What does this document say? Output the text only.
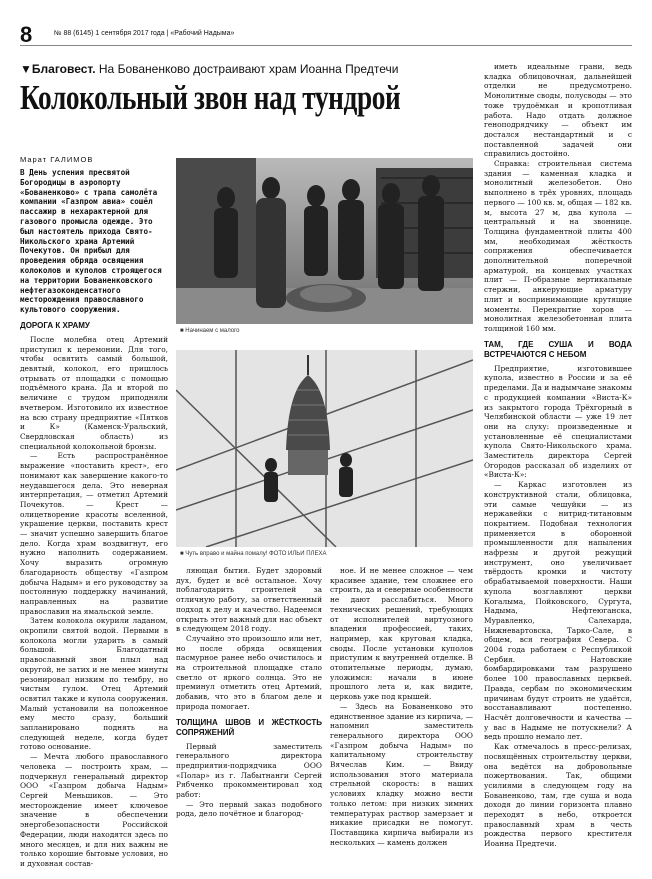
8	№ 88 (6145) 1 сентября 2017 года | «Рабочий Надыма»
▼Благовест. На Бованенково достраивают храм Иоанна Предтечи
Колокольный звон над тундрой
Марат ГАЛИМОВ
В День успения пресвятой Богородицы в аэропорту «Бованенково» с трапа самолёта компании «Газпром авиа» сошёл пассажир в нехарактерной для газового промысла одежде. Это был настоятель прихода Свято-Никольского храма Артемий Почекутов. Он прибыл для проведения обряда освящения колоколов и куполов строящегося на территории Бованенковского нефтегазоконденсатного месторождения православного культового сооружения.
ДОРОГА К ХРАМУ

После молебна отец Артемий приступил к церемонии. Для того, чтобы освятить самый большой, девятый, колокол, его пришлось отрывать от площадки с помощью подъёмного крана. Да и второй по величине с трудом приподняли вчетвером. Изготовило их известное на всю страну предприятие «Пятков и К» (Каменск-Уральский, Свердловская область) из специальной колокольной бронзы.

— Есть распространённое выражение «поставить крест», его понимают как завершение какого-то неудавшегося дела. Это неверная интерпретация, — отметил Артемий Почекутов. — Крест — олицетворение красоты вселенной, украшение церкви, поставить крест — значит успешно завершить благое дело. Когда храм воздвигнут, его нужно наполнить содержанием. Хочу выразить огромную благодарность обществу «Газпром добыча Надым» и его руководству за постоянную поддержку начинаний, направленных на развитие православия на ямальской земле.

Затем колокола окурили ладаном, окропили святой водой. Первыми в колокола могли ударить в самый большой. Благодатный православный звон плыл над округой, не затих и не менее минуты резонировал низким по тембру, но чистым гулом. Отец Артемий освятил также и купола сооружения. Малый установили на положенное ему место сразу, больший запланировано поднять на следующей неделе, когда будет готово основание.

— Мечта любого православного человека — построить храм, — подчеркнул генеральный директор ООО «Газпром добыча Надым» Сергей Меньшиков. — Это месторождение имеет ключевое значение в обеспечении энергобезопасности Российской Федерации, люди находятся здесь по много месяцев, и для них важны не только хорошие бытовые условия, но и духовная состав-

■ Начинаем с малого
■ Чуть вправо и майна помалу! ФОТО ИЛЬИ ПЛЕХА

ляющая бытия. Будет здоровый дух, будет и всё остальное. Хочу поблагодарить строителей за отличную работу, за ответственный подход к делу и качество. Надеемся открыть этот важный для нас объект в следующем 2018 году.

Случайно это произошло или нет, но после обряда освящения пасмурное ранее небо очистилось и на строительной площадке стало светло от яркого солнца. Это не преминул отметить отец Артемий, добавив, что это в благом деле и природа помогает.

ТОЛЩИНА ШВОВ И ЖЁСТКОСТЬ СОПРЯЖЕНИЙ

Первый заместитель генерального директора предприятия-подрядчика ООО «Полар» из г. Лабытнанги Сергей Рябченко прокомментировал ход работ:

— Это первый заказ подобного рода, дело почётное и благород-

ное. И не менее сложное — чем красивее здание, тем сложнее его строить, да и северные особенности не дают расслабиться. Много технических решений, требующих от исполнителей виртуозного владения профессией, таких, например, как круговая кладка, своды. После установки куполов приступим к внутренней отделке. В отопительные периоды, думаю, уложимся: начали в июне прошлого лета и, как видите, церковь уже под крышей.

— Здесь на Бованенково это единственное здание из кирпича, — напомнил заместитель генерального директора ООО «Газпром добыча Надым» по капитальному строительству Вячеслав Ким. — Ввиду использования этого материала стрельной скорость: в наших условиях кладку можно вести только летом: при низких зимних температурах раствор замерзает и никакие присадки не помогут. Поставщика кирпича выбирали из нескольких — камень должен

иметь идеальные грани, ведь кладка облицовочная, дальнейшей отделки не предусмотрено. Монолитные своды, полусводы — это тоже трудоёмкая и кропотливая работа. Надо отдать должное геноподрядчику — объект им достался нестандартный и с поставленной задачей они справились достойно.

Справка: строительная система здания — каменная кладка и монолитный железобетон. Оно выполнено в трёх уровнях, площадь первого — 100 кв. м, общая — 182 кв. м, высота 27 м, два купола — центральный и на звоннице. Толщина фундаментной плиты 400 мм, необходимая жёсткость сопряжения обеспечивается дополнительной поперечной арматурой, на концевых участках плит — П-образные вертикальные стержни, анкерующие арматуру плит и воспринимающие крутящие моменты. Перекрытие хоров — монолитная железобетонная плита толщиной 160 мм.

ТАМ, ГДЕ СУША И ВОДА ВСТРЕЧАЮТСЯ С НЕБОМ

Предприятие, изготовившее купола, известно в России и за её пределами. Да и надымчане знакомы с продукцией компании «Виста-К» из закрытого города Трёхгорный в Челябинской области — уже 19 лет они на слуху: произведенные и установленные её специалистами купола Свято-Никольского храма. Заместитель директора Сергей Огородов рассказал об изделиях от «Виста-К»:

— Каркас изготовлен из конструктивной стали, облицовка, эти самые чешуйки — из нержавейки с нитрид-титановым покрытием. Подобная технология применяется в оборонной промышленности для напыления нафрезы и другой режущий инструмент, оно увеличивает твёрдость кромки и чистоту обрабатываемой поверхности. Наши купола возглавляют церкви Когалыма, Пойковского, Сургута, Надыма, Нефтеюганска, Муравленко, Салехарда, Нижневартовска, Тарко-Сале, в общем, вся география Севера. С 2004 года работаем с Республикой Сербия. Натовские бомбардировками там разрушено более 100 православных церквей. Правда, сербам по экономическим причинам будут строить не удаётся, восстанавливают постепенно. Насчёт долговечности и качества — у вас в Надыме не потускнели? А ведь прошло немало лет.

Как отмечалось в пресс-релизах, посвящённых строительству церкви, она ведётся на добровольные пожертвования. Так, общими усилиями в следующем году на Бованенково, там, где суша и вода доходя до линии горизонта плавно переходят в небо, откроется православный храм в честь рождества первого крестителя Иоанна Предтечи.
